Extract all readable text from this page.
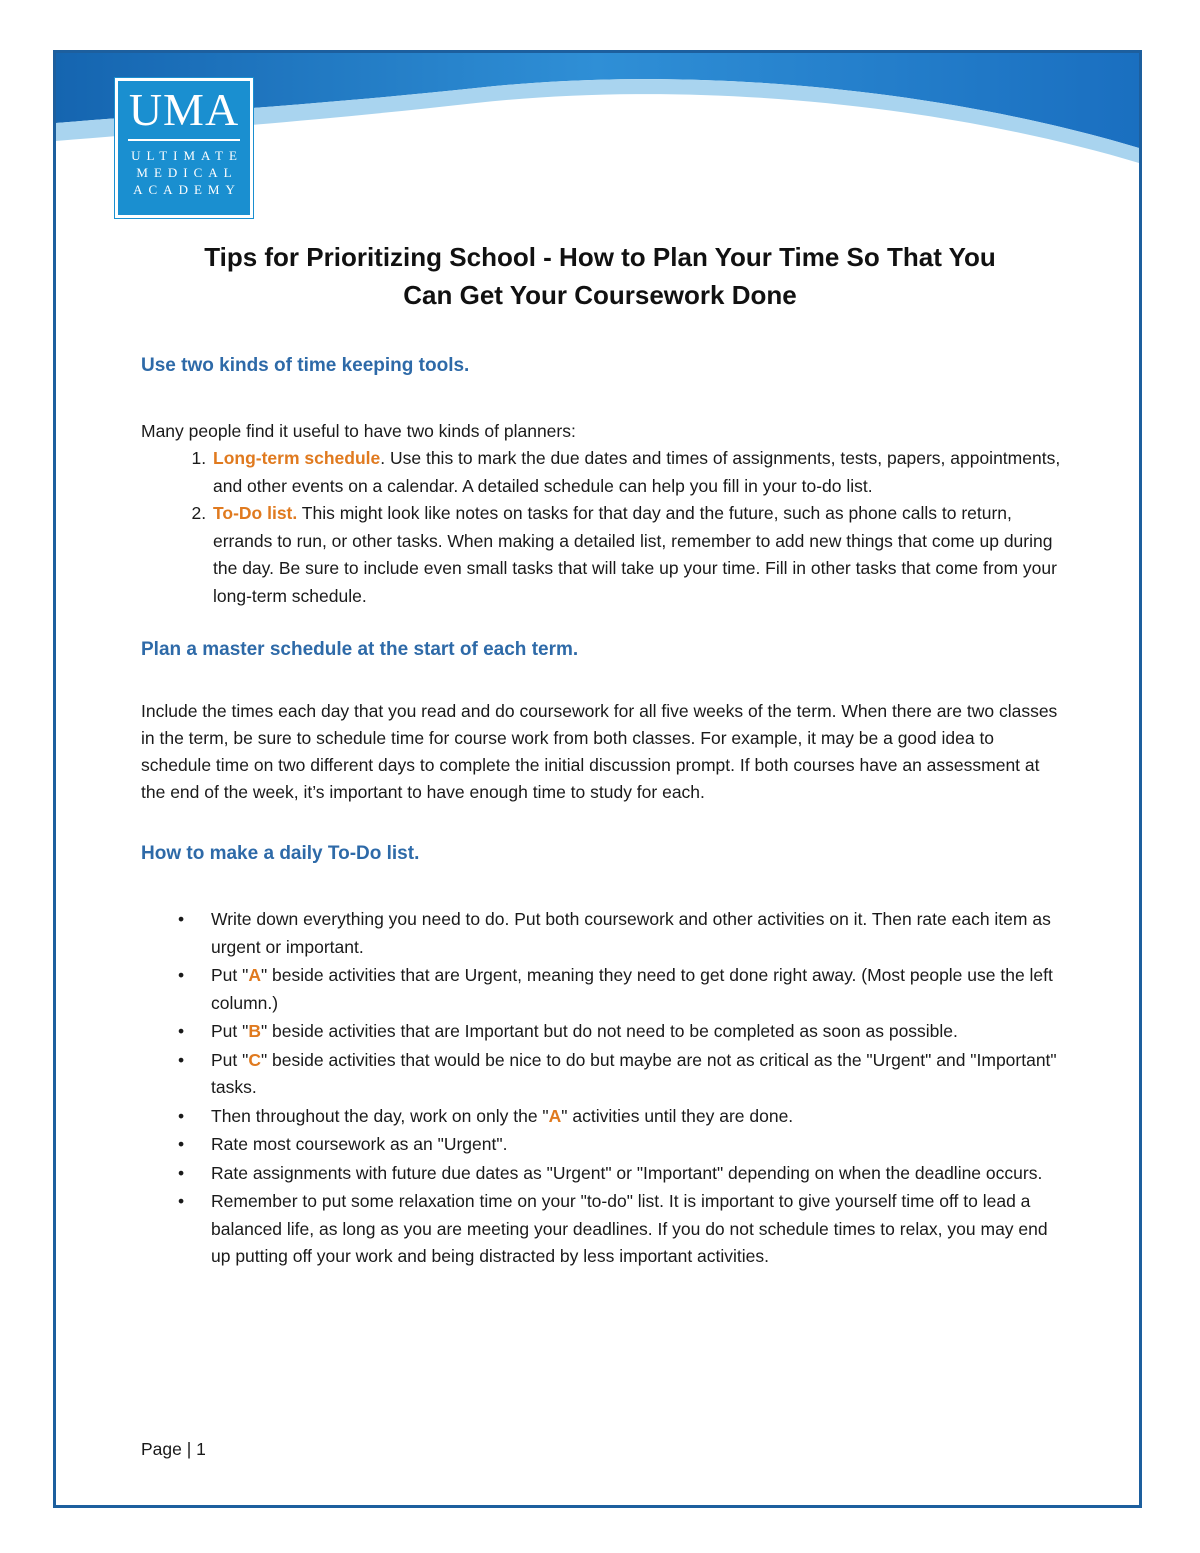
UMA
ULTIMATE
MEDICAL
ACADEMY
Tips for Prioritizing School - How to Plan Your Time So That You
Can Get Your Coursework Done
Use two kinds of time keeping tools.

Many people find it useful to have two kinds of planners:

1. Long-term schedule. Use this to mark the due dates and times of assignments, tests, papers, appointments, and other events on a calendar. A detailed schedule can help you fill in your to-do list.
2. To-Do list. This might look like notes on tasks for that day and the future, such as phone calls to return, errands to run, or other tasks. When making a detailed list, remember to add new things that come up during the day. Be sure to include even small tasks that will take up your time. Fill in other tasks that come from your long-term schedule.
Plan a master schedule at the start of each term.

Include the times each day that you read and do coursework for all five weeks of the term. When there are two classes in the term, be sure to schedule time for course work from both classes. For example, it may be a good idea to schedule time on two different days to complete the initial discussion prompt. If both courses have an assessment at the end of the week, it’s important to have enough time to study for each.

How to make a daily To-Do list.
• Write down everything you need to do. Put both coursework and other activities on it. Then rate each item as urgent or important.
• Put "A" beside activities that are Urgent, meaning they need to get done right away. (Most people use the left column.)
• Put "B" beside activities that are Important but do not need to be completed as soon as possible.
• Put "C" beside activities that would be nice to do but maybe are not as critical as the "Urgent" and "Important" tasks.
• Then throughout the day, work on only the "A" activities until they are done.
• Rate most coursework as an "Urgent".
• Rate assignments with future due dates as "Urgent" or "Important" depending on when the deadline occurs.
• Remember to put some relaxation time on your "to-do" list. It is important to give yourself time off to lead a balanced life, as long as you are meeting your deadlines. If you do not schedule times to relax, you may end up putting off your work and being distracted by less important activities.
Page | 1
